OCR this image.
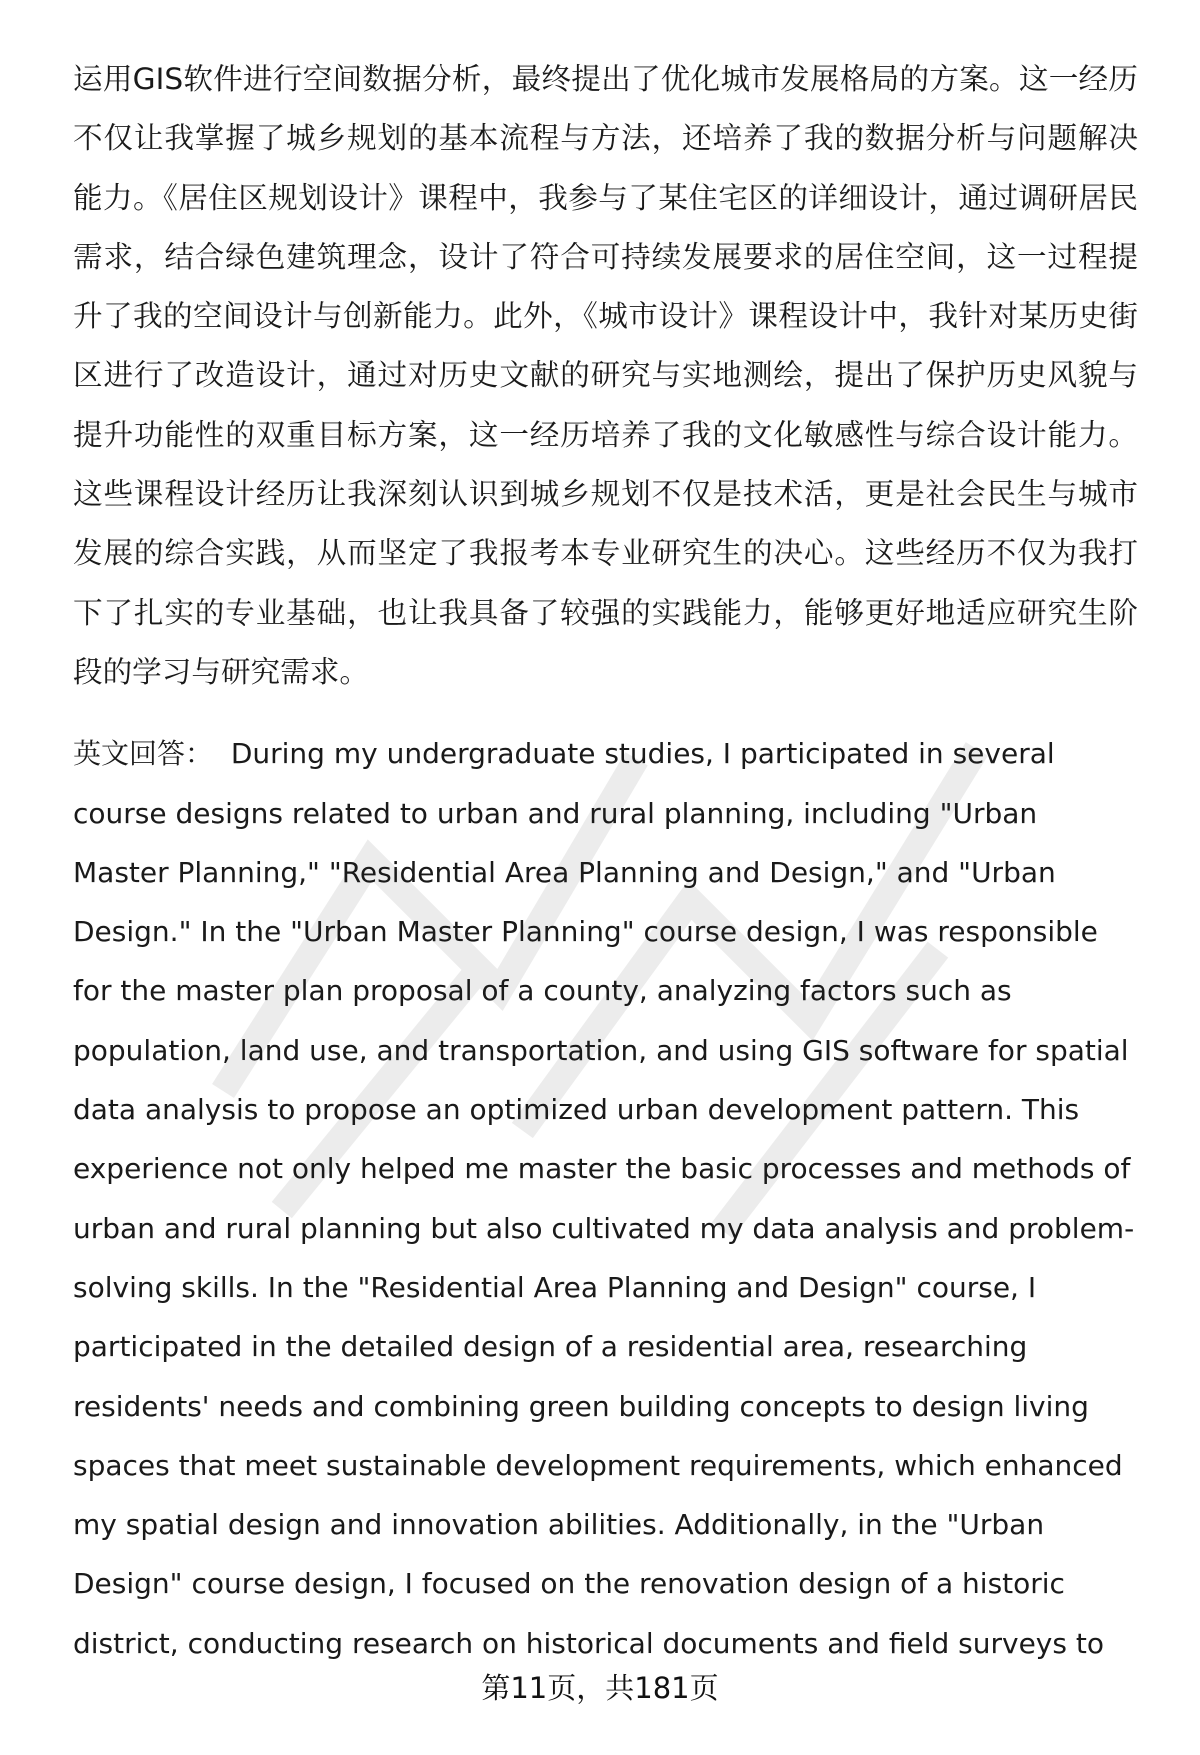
运用GIS软件进行空间数据分析，最终提出了优化城市发展格局的方案。这一经历不仅让我掌握了城乡规划的基本流程与方法，还培养了我的数据分析与问题解决能力。《居住区规划设计》课程中，我参与了某住宅区的详细设计，通过调研居民需求，结合绿色建筑理念，设计了符合可持续发展要求的居住空间，这一过程提升了我的空间设计与创新能力。此外，《城市设计》课程设计中，我针对某历史街区进行了改造设计，通过对历史文献的研究与实地测绘，提出了保护历史风貌与提升功能性的双重目标方案，这一经历培养了我的文化敏感性与综合设计能力。这些课程设计经历让我深刻认识到城乡规划不仅是技术活，更是社会民生与城市发展的综合实践，从而坚定了我报考本专业研究生的决心。这些经历不仅为我打下了扎实的专业基础，也让我具备了较强的实践能力，能够更好地适应研究生阶段的学习与研究需求。

英文回答： During my undergraduate studies, I participated in several course designs related to urban and rural planning, including "Urban Master Planning," "Residential Area Planning and Design," and "Urban Design." In the "Urban Master Planning" course design, I was responsible for the master plan proposal of a county, analyzing factors such as population, land use, and transportation, and using GIS software for spatial data analysis to propose an optimized urban development pattern. This experience not only helped me master the basic processes and methods of urban and rural planning but also cultivated my data analysis and problem-solving skills. In the "Residential Area Planning and Design" course, I participated in the detailed design of a residential area, researching residents' needs and combining green building concepts to design living spaces that meet sustainable development requirements, which enhanced my spatial design and innovation abilities. Additionally, in the "Urban Design" course design, I focused on the renovation design of a historic district, conducting research on historical documents and field surveys to

第11页，共181页
